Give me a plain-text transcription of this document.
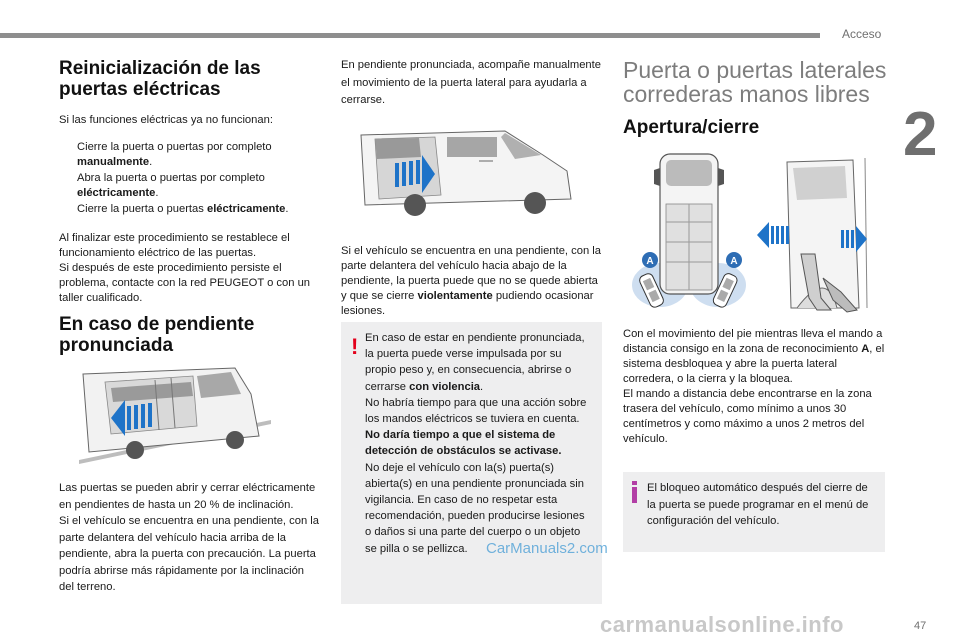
Acceso
2
Reinicialización de las puertas eléctricas

Si las funciones eléctricas ya no funcionan:

Cierre la puerta o puertas por completo manualmente.
Abra la puerta o puertas por completo eléctricamente.
Cierre la puerta o puertas eléctricamente.

Al finalizar este procedimiento se restablece el funcionamiento eléctrico de las puertas.
Si después de este procedimiento persiste el problema, contacte con la red PEUGEOT o con un taller cualificado.

En caso de pendiente pronunciada

Las puertas se pueden abrir y cerrar eléctricamente en pendientes de hasta un 20 % de inclinación.
Si el vehículo se encuentra en una pendiente, con la parte delantera del vehículo hacia arriba de la pendiente, abra la puerta con precaución. La puerta podría abrirse más rápidamente por la inclinación del terreno.

En pendiente pronunciada, acompañe manualmente el movimiento de la puerta lateral para ayudarla a cerrarse.

Si el vehículo se encuentra en una pendiente, con la parte delantera del vehículo hacia abajo de la pendiente, la puerta puede que no se quede abierta y que se cierre violentamente pudiendo ocasionar lesiones.

! En caso de estar en pendiente pronunciada, la puerta puede verse impulsada por su propio peso y, en consecuencia, abrirse o cerrarse con violencia.

No habría tiempo para que una acción sobre los mandos eléctricos se tuviera en cuenta.

No daría tiempo a que el sistema de detección de obstáculos se activase.

No deje el vehículo con la(s) puerta(s) abierta(s) en una pendiente pronunciada sin vigilancia. En caso de no respetar esta recomendación, pueden producirse lesiones o daños si una parte del cuerpo o un objeto se pilla o se pellizca.

Puerta o puertas laterales correderas manos libres
Apertura/cierre
A	A

Con el movimiento del pie mientras lleva el mando a distancia consigo en la zona de reconocimiento A, el sistema desbloquea y abre la puerta lateral corredera, o la cierra y la bloquea.
El mando a distancia debe encontrarse en la zona trasera del vehículo, como mínimo a unos 30 centímetros y como máximo a unos 2 metros del vehículo.

El bloqueo automático después del cierre de la puerta se puede programar en el menú de configuración del vehículo.

CarManuals2.com
carmanualsonline.info	47
